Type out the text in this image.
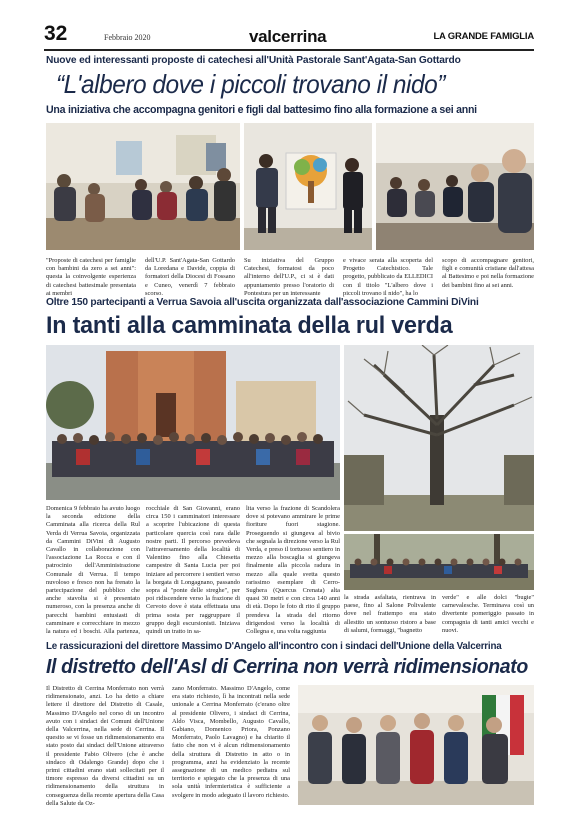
32	Febbraio 2020	valcerrina	LA GRANDE FAMIGLIA
Nuove ed interessanti proposte di catechesi all'Unità Pastorale Sant'Agata-San Gottardo
“L'albero dove i piccoli trovano il nido”
Una iniziativa che accompagna genitori e figli dal battesimo fino alla formazione a sei anni
"Proposte di catechesi per famiglie con bambini da zero a sei anni": questa la coinvolgente esperienza di catechesi battesimale presentata ai membri
dell'U.P. Sant'Agata-San Gottardo da Loredana e Davide, coppia di formatori della Diocesi di Fossano e Cuneo, venerdì 7 febbraio scorso.
Su iniziativa del Gruppo Catechesi, formatosi da poco all'interno dell'U.P., ci si è dati appuntamento presso l'oratorio di Pontestura per un interessante
e vivace serata alla scoperta del Progetto Catechistico. Tale progetto, pubblicato da ELLEDICI con il titolo "L'albero dove i piccoli trovano il nido", ha lo
scopo di accompagnare genitori, figli e comunità cristiane dall'attesa al Battesimo e poi nella formazione dei bambini fino ai sei anni.
Oltre 150 partecipanti a Verrua Savoia all'uscita organizzata dall'associazione Cammini DiVini
In tanti alla camminata della rul verda
Domenica 9 febbraio ha avuto luogo la seconda edizione della Camminata alla ricerca della Rul Verda di Verrua Savoia, organizzata da Cammini DiVini di Augusto Cavallo in collaborazione con l'associazione La Rocca e con il patrocinio dell'Amministrazione Comunale di Verrua. Il tempo nuvoloso e fresco non ha frenato la partecipazione del pubblico che anche stavolta si è presentato numeroso, con la presenza anche di parecchi bambini entusiasti di camminare e correcchiare in mezzo la natura ed i boschi. Alla partenza,
rocchiale di San Giovanni, erano circa 150 i camminatori interessare a scoprire l'ubicazione di questa particolare quercia così rara dalle nostre parti. Il percorso prevedeva l'attraversamento della località di Valentino fino alla Chiesetta campestre di Santa Lucia per poi iniziare ad percorrere i sentieri verso la borgata di Longagnano, passando sopra al "ponte delle streghe", per poi ridiscendere verso la frazione di Cervoto dove è stata effettuata una prima sosta per raggruppare il gruppo degli escursionisti. Iniziava quindi un tratto in sa-
lita verso la frazione di Scandolera dove si potevano ammirare le prime fioriture fuori stagione. Proseguendo si giungeva al bivio che segnala la direzione verso la Rul Verda, e preso il tortuoso sentiero in mezzo alla boscaglia si giungeva finalmente alla piccola radura in mezzo alla quale svetta questo rarissimo esemplare di Cerro-Sughera (Quercus Crenata) alta quasi 30 metri e con circa 140 anni di età. Dopo le foto di rito il gruppo prendeva la strada del ritorno dirigendosi verso la località di Collegna e, una volta raggiunta
la strada asfaltata, rientrava in paese, fino al Salone Polivalente dove nel frattempo era stato allestito un sontuoso ristoro a base di salumi, formaggi, "bagnetto
verde" e alle dolci "bugie" carnevalesche. Terminava così un divertente pomeriggio passato in compagnia di tanti amici vecchi e nuovi.
Le rassicurazioni del direttore Massimo D'Angelo all'incontro con i sindaci dell'Unione della Valcerrina
Il distretto dell'Asl di Cerrina non verrà ridimensionato
Il Distretto di Cerrina Monferrato non verrà ridimensionato, anzi. Lo ha detto a chiare lettere il direttore del Distretto di Casale, Massimo D'Angelo nel corso di un incontro avuto con i sindaci dei Comuni dell'Unione della Valcerrina, nella sede di Cerrina. Il quesito se vi fosse un ridimensionamento era stato posto dai sindaci dell'Unione attraverso il presidente Fabio Olivero (che è anche sindaco di Odalengo Grande) dopo che i primi cittadini erano stati sollecitati per il timore espresso da diversi cittadini su un ridimensionamento della struttura in conseguenza della recente apertura della Casa della Salute da Oz-
zano Monferrato. Massimo D'Angelo, come era stato richiesto, lì ha incontrati nella sede unionale a Cerrina Monferrato (c'erano oltre al presidente Olivero, i sindaci di Cerrina, Aldo Visca, Mombello, Augusto Cavallo, Gabiano, Domenico Priora, Ponzano Monferrato, Paolo Lavagno) e ha chiarito il fatto che non vi è alcun ridimensionamento della struttura di Distretto in atto o in programma, anzi ha evidenziato la recente assegnazione di un medico pediatra sul territorio e spiegato che la presenza di una sola unità infermieristica è sufficiente a svolgere in modo adeguato il lavoro richiesto.
